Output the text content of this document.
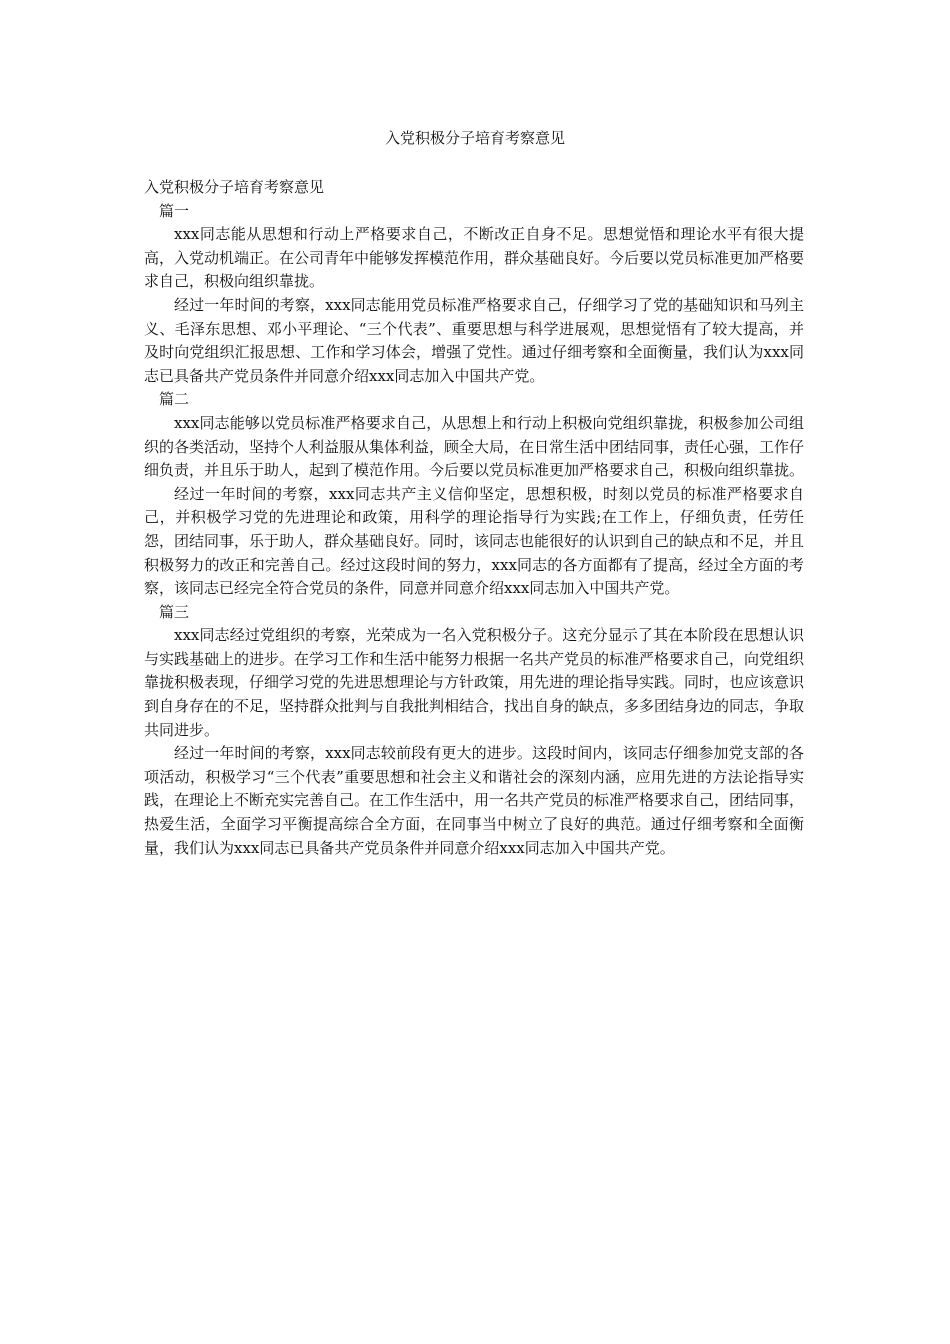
入党积极分子培育考察意见

入党积极分子培育考察意见

篇一

xxx同志能从思想和行动上严格要求自己，不断改正自身不足。思想觉悟和理论水平有很大提高，入党动机端正。在公司青年中能够发挥模范作用，群众基础良好。今后要以党员标准更加严格要求自己，积极向组织靠拢。

经过一年时间的考察，xxx同志能用党员标准严格要求自己，仔细学习了党的基础知识和马列主义、毛泽东思想、邓小平理论、“三个代表”、重要思想与科学进展观，思想觉悟有了较大提高，并及时向党组织汇报思想、工作和学习体会，增强了党性。通过仔细考察和全面衡量，我们认为xxx同志已具备共产党员条件并同意介绍xxx同志加入中国共产党。

篇二

xxx同志能够以党员标准严格要求自己，从思想上和行动上积极向党组织靠拢，积极参加公司组织的各类活动，坚持个人利益服从集体利益，顾全大局，在日常生活中团结同事，责任心强，工作仔细负责，并且乐于助人，起到了模范作用。今后要以党员标准更加严格要求自己，积极向组织靠拢。

经过一年时间的考察，xxx同志共产主义信仰坚定，思想积极，时刻以党员的标准严格要求自己，并积极学习党的先进理论和政策，用科学的理论指导行为实践;在工作上，仔细负责，任劳任怨，团结同事，乐于助人，群众基础良好。同时，该同志也能很好的认识到自己的缺点和不足，并且积极努力的改正和完善自己。经过这段时间的努力，xxx同志的各方面都有了提高，经过全方面的考察，该同志已经完全符合党员的条件，同意并同意介绍xxx同志加入中国共产党。

篇三

xxx同志经过党组织的考察，光荣成为一名入党积极分子。这充分显示了其在本阶段在思想认识与实践基础上的进步。在学习工作和生活中能努力根据一名共产党员的标准严格要求自己，向党组织靠拢积极表现，仔细学习党的先进思想理论与方针政策，用先进的理论指导实践。同时，也应该意识到自身存在的不足，坚持群众批判与自我批判相结合，找出自身的缺点，多多团结身边的同志，争取共同进步。

经过一年时间的考察，xxx同志较前段有更大的进步。这段时间内，该同志仔细参加党支部的各项活动，积极学习“三个代表”重要思想和社会主义和谐社会的深刻内涵，应用先进的方法论指导实践，在理论上不断充实完善自己。在工作生活中，用一名共产党员的标准严格要求自己，团结同事，热爱生活，全面学习平衡提高综合全方面，在同事当中树立了良好的典范。通过仔细考察和全面衡量，我们认为xxx同志已具备共产党员条件并同意介绍xxx同志加入中国共产党。
